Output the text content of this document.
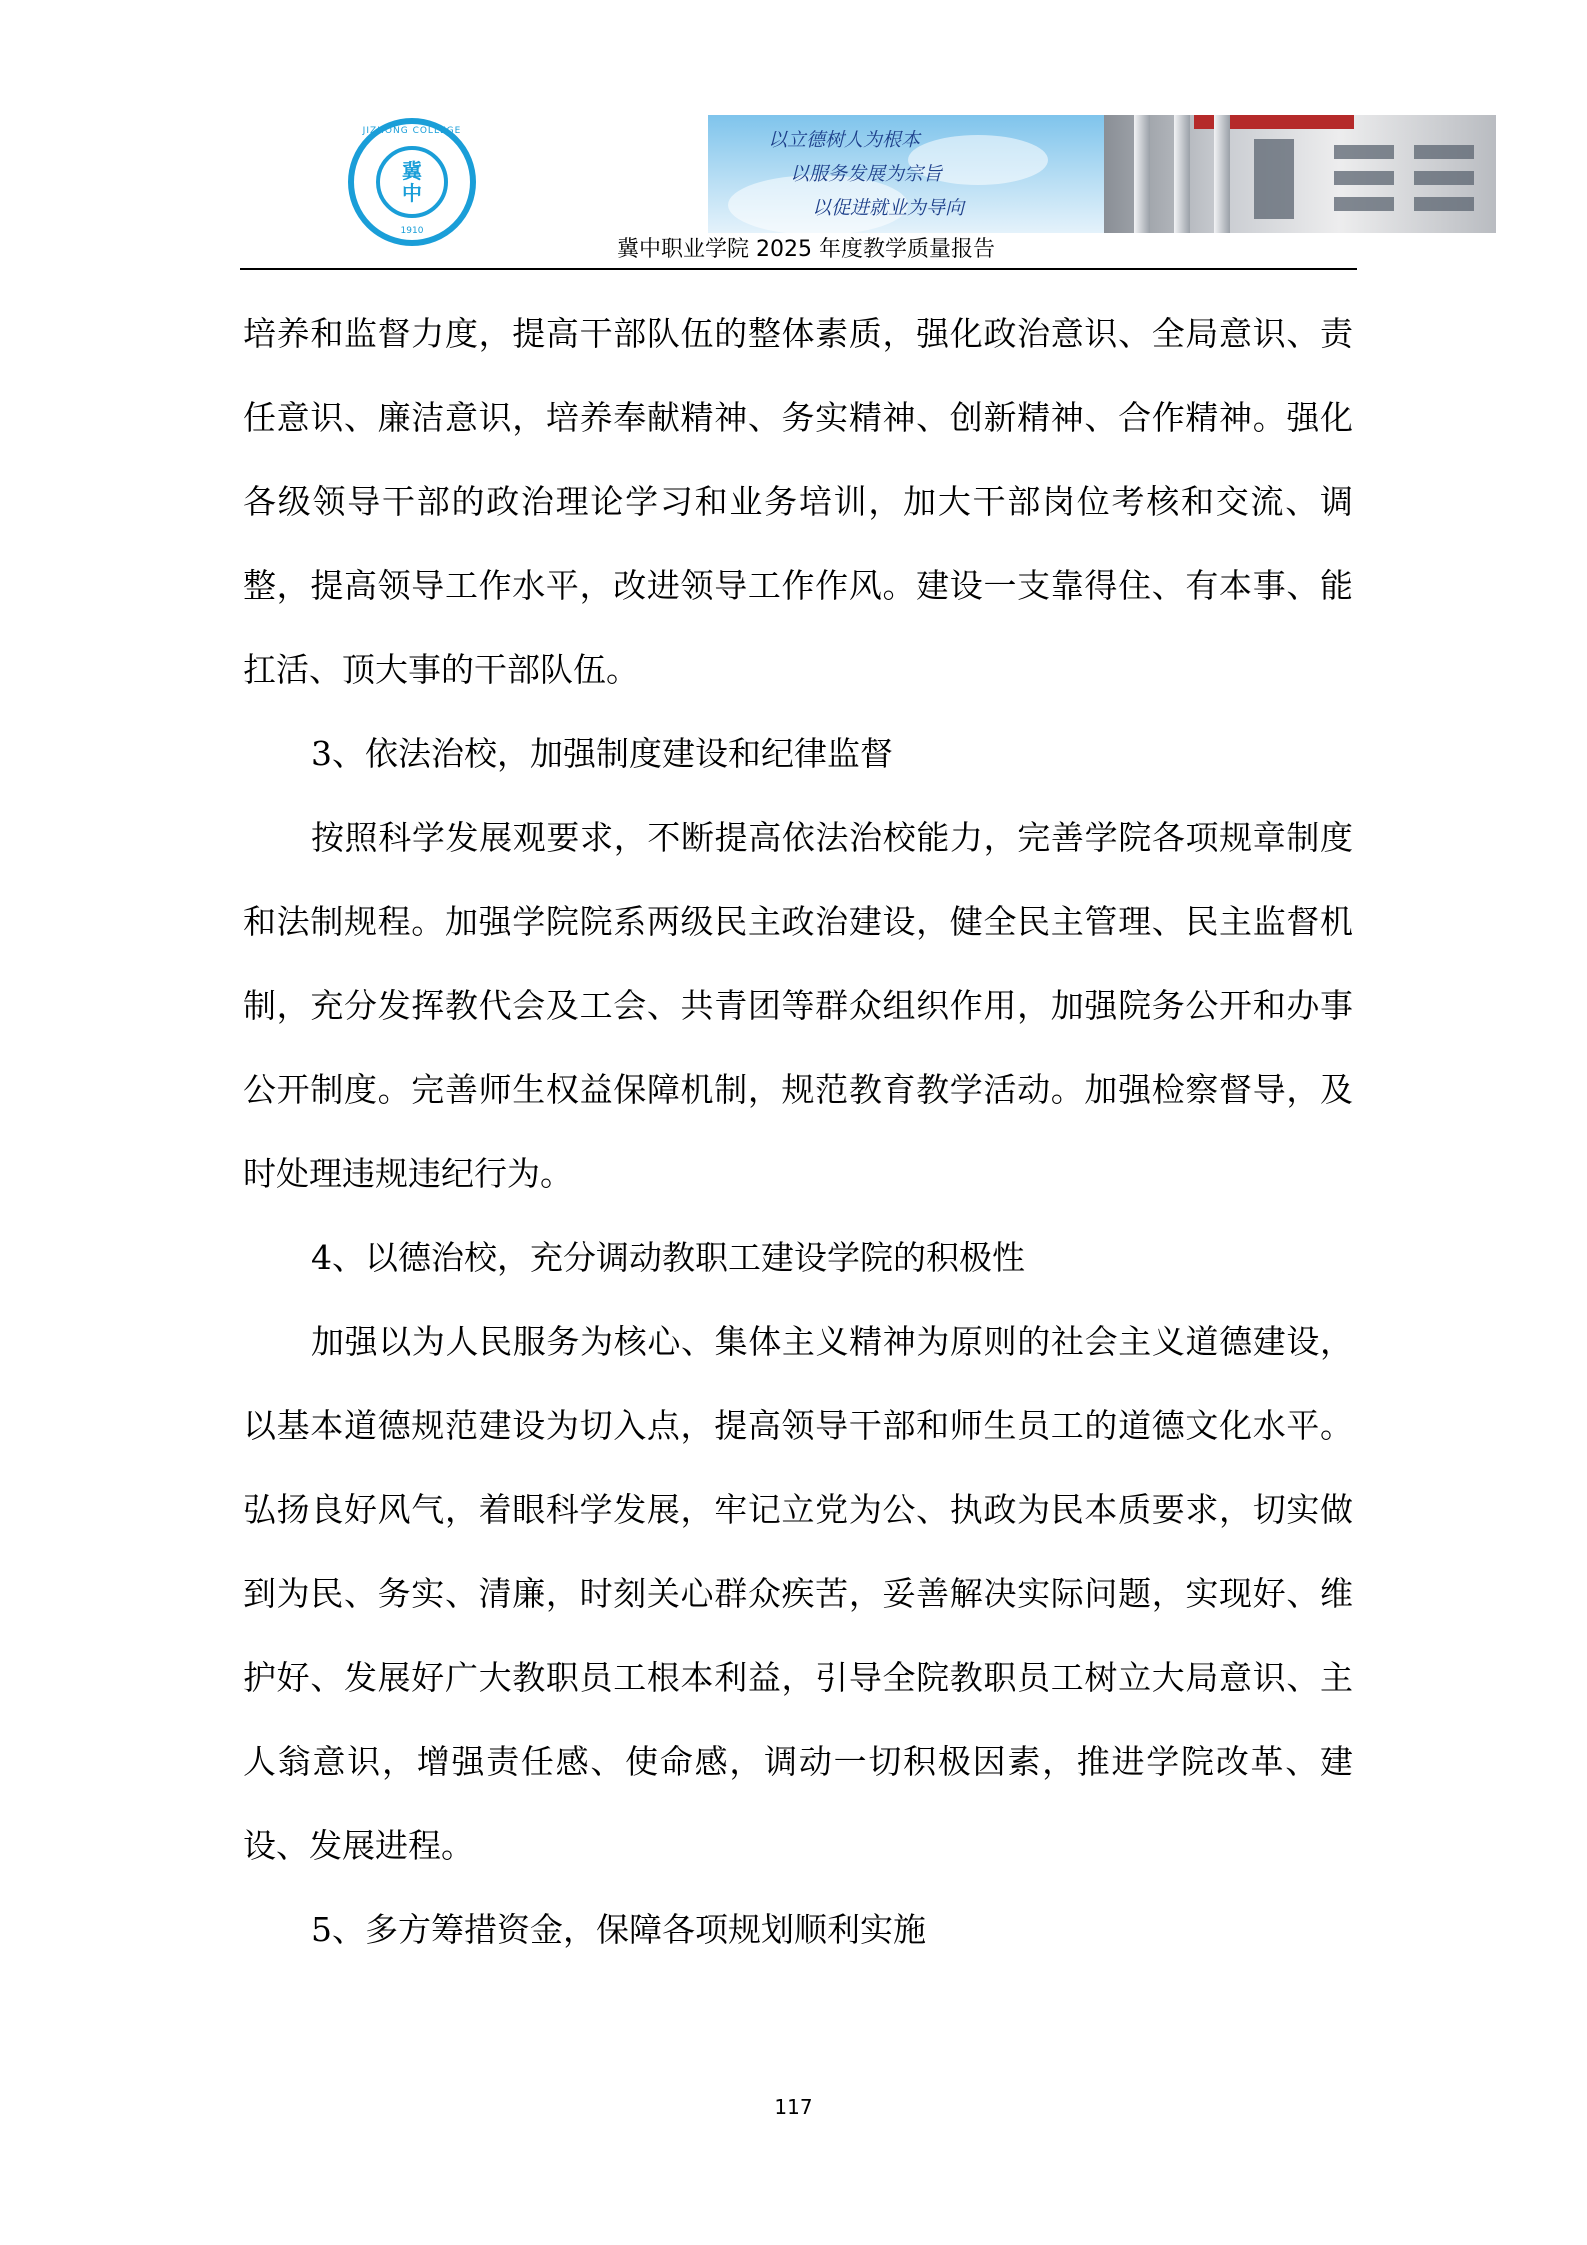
JIZHONG COLLEGE
冀
中
1910
以立德树人为根本
以服务发展为宗旨
以促进就业为导向
冀中职业学院 2025 年度教学质量报告

培养和监督力度，提高干部队伍的整体素质，强化政治意识、全局意识、责任意识、廉洁意识，培养奉献精神、务实精神、创新精神、合作精神。强化各级领导干部的政治理论学习和业务培训，加大干部岗位考核和交流、调整，提高领导工作水平，改进领导工作作风。建设一支靠得住、有本事、能扛活、顶大事的干部队伍。

3、依法治校，加强制度建设和纪律监督

按照科学发展观要求，不断提高依法治校能力，完善学院各项规章制度和法制规程。加强学院院系两级民主政治建设，健全民主管理、民主监督机制，充分发挥教代会及工会、共青团等群众组织作用，加强院务公开和办事公开制度。完善师生权益保障机制，规范教育教学活动。加强检察督导，及时处理违规违纪行为。

4、以德治校，充分调动教职工建设学院的积极性

加强以为人民服务为核心、集体主义精神为原则的社会主义道德建设，以基本道德规范建设为切入点，提高领导干部和师生员工的道德文化水平。弘扬良好风气，着眼科学发展，牢记立党为公、执政为民本质要求，切实做到为民、务实、清廉，时刻关心群众疾苦，妥善解决实际问题，实现好、维护好、发展好广大教职员工根本利益，引导全院教职员工树立大局意识、主人翁意识，增强责任感、使命感，调动一切积极因素，推进学院改革、建设、发展进程。

5、多方筹措资金，保障各项规划顺利实施

117
